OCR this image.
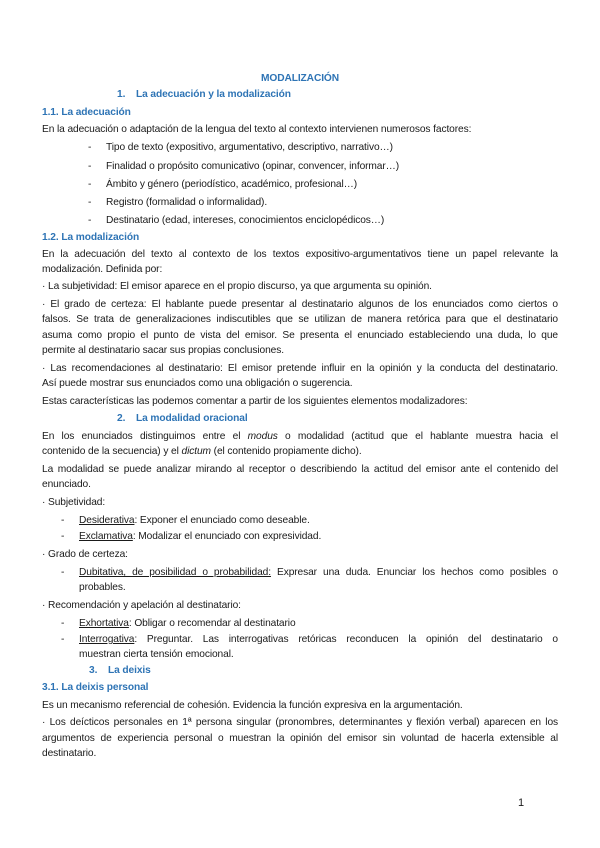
MODALIZACIÓN
1. La adecuación y la modalización
1.1. La adecuación
En la adecuación o adaptación de la lengua del texto al contexto intervienen numerosos factores:
- Tipo de texto (expositivo, argumentativo, descriptivo, narrativo…)
- Finalidad o propósito comunicativo (opinar, convencer, informar…)
- Ámbito y género (periodístico, académico, profesional…)
- Registro (formalidad o informalidad).
- Destinatario (edad, intereses, conocimientos enciclopédicos…)
1.2. La modalización
En la adecuación del texto al contexto de los textos expositivo-argumentativos tiene un papel relevante la
modalización. Definida por:
· La subjetividad: El emisor aparece en el propio discurso, ya que argumenta su opinión.
· El grado de certeza: El hablante puede presentar al destinatario algunos de los enunciados como ciertos o
falsos. Se trata de generalizaciones indiscutibles que se utilizan de manera retórica para que el destinatario
asuma como propio el punto de vista del emisor. Se presenta el enunciado estableciendo una duda, lo que
permite al destinatario sacar sus propias conclusiones.
· Las recomendaciones al destinatario: El emisor pretende influir en la opinión y la conducta del destinatario.
Así puede mostrar sus enunciados como una obligación o sugerencia.
Estas características las podemos comentar a partir de los siguientes elementos modalizadores:
2. La modalidad oracional
En los enunciados distinguimos entre el modus o modalidad (actitud que el hablante muestra hacia el
contenido de la secuencia) y el dictum (el contenido propiamente dicho).
La modalidad se puede analizar mirando al receptor o describiendo la actitud del emisor ante el contenido del
enunciado.
· Subjetividad:
- Desiderativa: Exponer el enunciado como deseable.
- Exclamativa: Modalizar el enunciado con expresividad.
· Grado de certeza:
- Dubitativa, de posibilidad o probabilidad: Expresar una duda. Enunciar los hechos como posibles o
probables.
· Recomendación y apelación al destinatario:
- Exhortativa: Obligar o recomendar al destinatario
- Interrogativa: Preguntar. Las interrogativas retóricas reconducen la opinión del destinatario o
muestran cierta tensión emocional.
3. La deixis
3.1. La deixis personal
Es un mecanismo referencial de cohesión. Evidencia la función expresiva en la argumentación.
· Los deícticos personales en 1ª persona singular (pronombres, determinantes y flexión verbal) aparecen en los
argumentos de experiencia personal o muestran la opinión del emisor sin voluntad de hacerla extensible al
destinatario.
1
